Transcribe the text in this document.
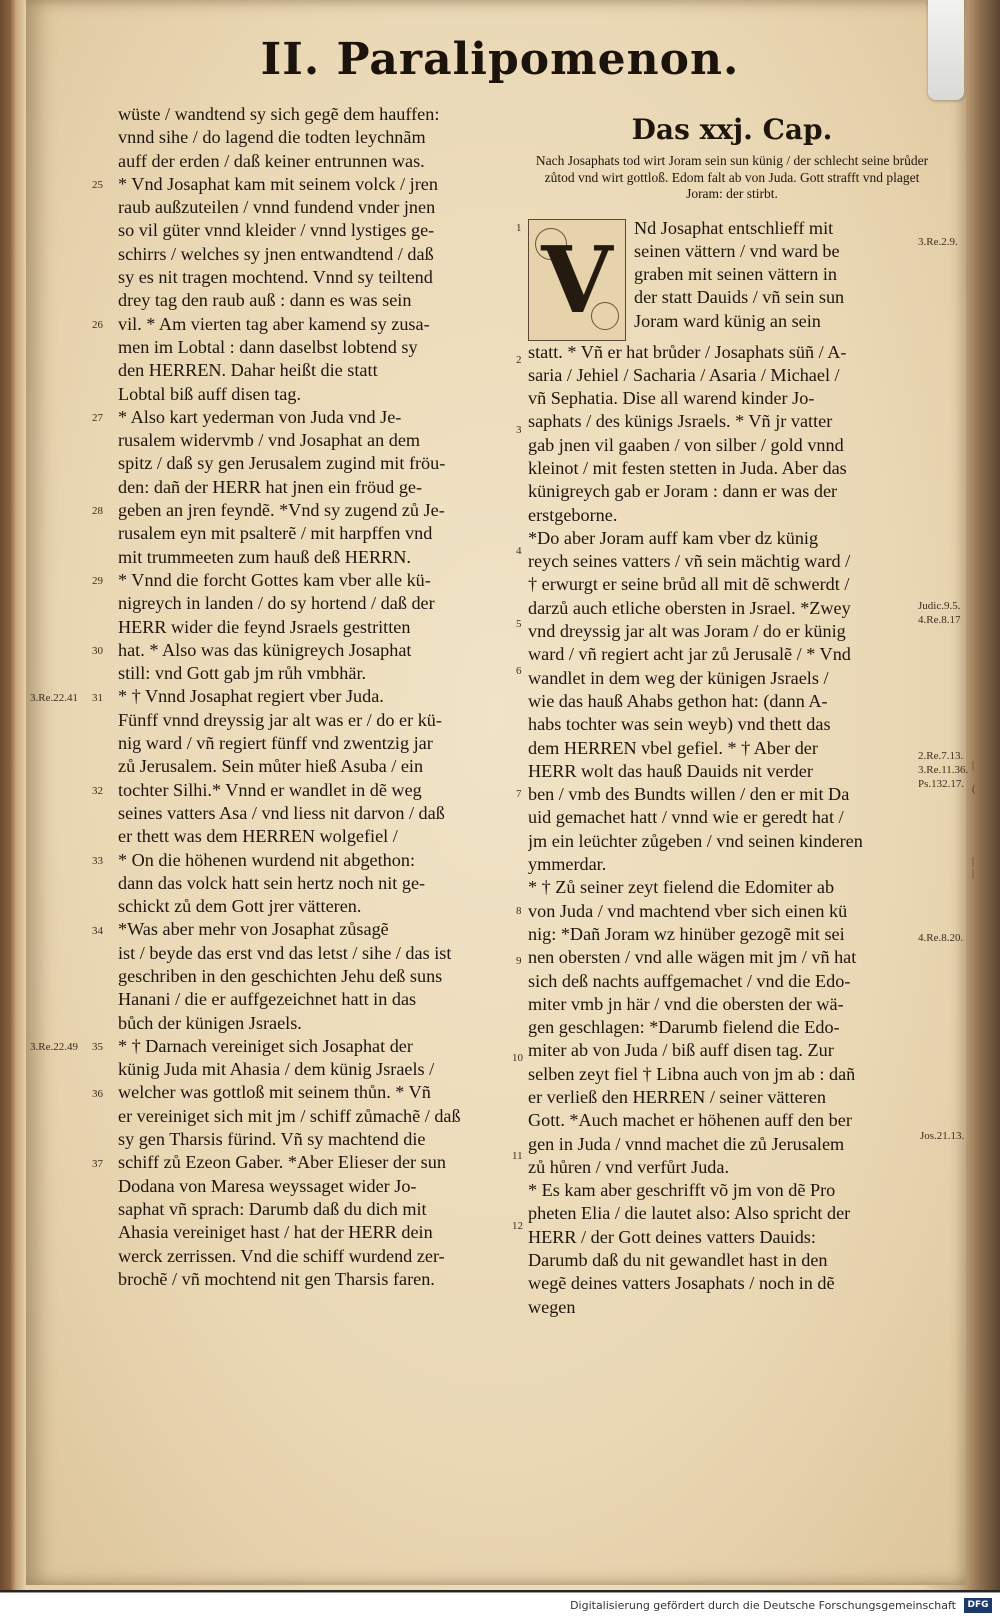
II. Paralipomenon.

wüste / wandtend sy sich gegẽ dem hauffen:

vnnd sihe / do lagend die todten leychnãm

auff der erden / daß keiner entrunnen was.

* Vnd Josaphat kam mit seinem volck / jren

raub außzuteilen / vnnd fundend vnder jnen

so vil güter vnnd kleider / vnnd lystiges ge-

schirrs / welches sy jnen entwandtend / daß

sy es nit tragen mochtend. Vnnd sy teiltend

drey tag den raub auß : dann es was sein

vil. * Am vierten tag aber kamend sy zusa-

men im Lobtal : dann daselbst lobtend sy

den HERREN. Dahar heißt die statt

Lobtal biß auff disen tag.

* Also kart yederman von Juda vnd Je-

rusalem widervmb / vnd Josaphat an dem

spitz / daß sy gen Jerusalem zugind mit fröu-

den: dañ der HERR hat jnen ein fröud ge-

geben an jren feyndẽ. *Vnd sy zugend zů Je-

rusalem eyn mit psalterẽ / mit harpffen vnd

mit trummeeten zum hauß deß HERRN.

* Vnnd die forcht Gottes kam vber alle kü-

nigreych in landen / do sy hortend / daß der

HERR wider die feynd Jsraels gestritten

hat. * Also was das künigreych Josaphat

still: vnd Gott gab jm růh vmbhär.

* † Vnnd Josaphat regiert vber Juda.

Fünff vnnd dreyssig jar alt was er / do er kü-

nig ward / vñ regiert fünff vnd zwentzig jar

zů Jerusalem. Sein můter hieß Asuba / ein

tochter Silhi.* Vnnd er wandlet in dẽ weg

seines vatters Asa / vnd liess nit darvon / daß

er thett was dem HERREN wolgefiel /

* On die höhenen wurdend nit abgethon:

dann das volck hatt sein hertz noch nit ge-

schickt zů dem Gott jrer vätteren.

*Was aber mehr von Josaphat zůsagẽ

ist / beyde das erst vnd das letst / sihe / das ist

geschriben in den geschichten Jehu deß suns

Hanani / die er auffgezeichnet hatt in das

bůch der künigen Jsraels.

* † Darnach vereiniget sich Josaphat der

künig Juda mit Ahasia / dem künig Jsraels /

welcher was gottloß mit seinem thůn. * Vñ

er vereiniget sich mit jm / schiff zůmachẽ / daß

sy gen Tharsis fürind. Vñ sy machtend die

schiff zů Ezeon Gaber. *Aber Elieser der sun

Dodana von Maresa weyssaget wider Jo-

saphat vñ sprach: Darumb daß du dich mit

Ahasia vereiniget hast / hat der HERR dein

werck zerrissen. Vnd die schiff wurdend zer-

brochẽ / vñ mochtend nit gen Tharsis faren.

Das xxj. Cap.

Nach Josaphats tod wirt Joram sein sun künig / der schlecht seine brůder zůtod vnd wirt gottloß. Edom falt ab von Juda. Gott strafft vnd plaget Joram: der stirbt.

V	Nd Josaphat entschlieff mit

seinen vättern / vnd ward be

graben mit seinen vättern in

der statt Dauids / vñ sein sun

Joram ward künig an sein

statt. * Vñ er hat brůder / Josaphats süñ / A-

saria / Jehiel / Sacharia / Asaria / Michael /

vñ Sephatia. Dise all warend kinder Jo-

saphats / des künigs Jsraels. * Vñ jr vatter

gab jnen vil gaaben / von silber / gold vnnd

kleinot / mit festen stetten in Juda. Aber das

künigreych gab er Joram : dann er was der

erstgeborne.

*Do aber Joram auff kam vber dz künig

reych seines vatters / vñ sein mächtig ward /

† erwurgt er seine brůd all mit dẽ schwerdt /

darzů auch etliche obersten in Jsrael. *Zwey

vnd dreyssig jar alt was Joram / do er künig

ward / vñ regiert acht jar zů Jerusalẽ / * Vnd

wandlet in dem weg der künigen Jsraels /

wie das hauß Ahabs gethon hat: (dann A-

habs tochter was sein weyb) vnd thett das

dem HERREN vbel gefiel. * † Aber der

HERR wolt das hauß Dauids nit verder

ben / vmb des Bundts willen / den er mit Da

uid gemachet hatt / vnnd wie er geredt hat /

jm ein leüchter zůgeben / vnd seinen kinderen

ymmerdar.

* † Zů seiner zeyt fielend die Edomiter ab

von Juda / vnd machtend vber sich einen kü

nig: *Dañ Joram wz hinüber gezogẽ mit sei

nen obersten / vnd alle wägen mit jm / vñ hat

sich deß nachts auffgemachet / vnd die Edo-

miter vmb jn här / vnd die obersten der wä-

gen geschlagen: *Darumb fielend die Edo-

miter ab von Juda / biß auff disen tag. Zur

selben zeyt fiel † Libna auch von jm ab : dañ

er verließ den HERREN / seiner vätteren

Gott. *Auch machet er höhenen auff den ber

gen in Juda / vnnd machet die zů Jerusalem

zů hůren / vnd verfůrt Juda.

* Es kam aber geschrifft võ jm von dẽ Pro

pheten Elia / die lautet also: Also spricht der

HERR / der Gott deines vatters Dauids:

Darumb daß du nit gewandlet hast in den

wegẽ deines vatters Josaphats / noch in dẽ

wegen

25
26
27
28
29
30
31
32
33
34
35
36
37
3.Re.22.41
3.Re.22.49
1
2
3
4
5
6
7
8
9
10
11
12
3.Re.2.9.
Judic.9.5.
4.Re.8.17
2.Re.7.13.
3.Re.11.36.
Ps.132.17.
4.Re.8.20.
Jos.21.13.
|

(

|
|
Digitalisierung gefördert durch die Deutsche Forschungsgemeinschaft	DFG
